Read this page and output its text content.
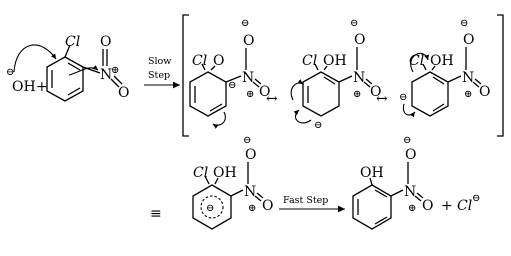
⊖
OH +
Cl
N
⊕
O
O
Slow
Step
Cl O
⊖ N
⊕
O
⊖
O
↔
Cl OH
⊖
N
⊕
O
⊖
O
↔
Cl OH
⊖
N
⊕
O
⊖
O
≡	⊖
Cl OH
N
⊕
O
⊖
O Fast Step
OH
N
⊕
O
⊖
O + Cl ⊖
